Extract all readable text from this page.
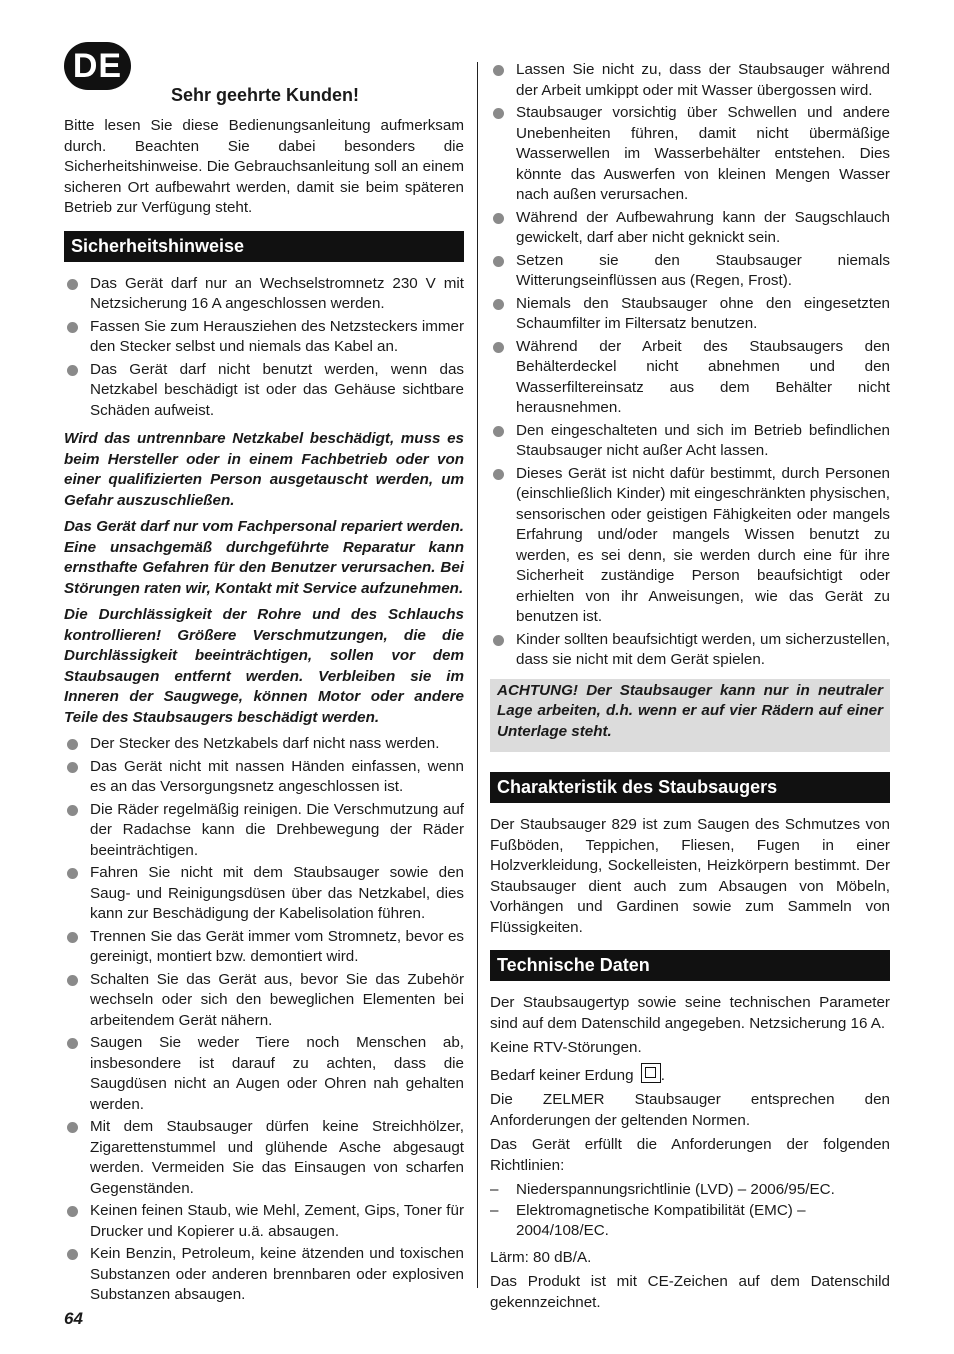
DE
Sehr geehrte Kunden!

Bitte lesen Sie diese Bedienungsanleitung aufmerksam durch. Beachten Sie dabei besonders die Sicherheitshinweise. Die Gebrauchsanleitung soll an einem sicheren Ort aufbewahrt werden, damit sie beim späteren Betrieb zur Verfügung steht.

Sicherheitshinweise
Das Gerät darf nur an Wechselstromnetz 230 V mit Netzsicherung 16 A angeschlossen werden.
Fassen Sie zum Herausziehen des Netzsteckers immer den Stecker selbst und niemals das Kabel an.
Das Gerät darf nicht benutzt werden, wenn das Netzkabel beschädigt ist oder das Gehäuse sichtbare Schäden aufweist.

Wird das untrennbare Netzkabel beschädigt, muss es beim Hersteller oder in einem Fachbetrieb oder von einer qualifizierten Person ausgetauscht werden, um Gefahr auszuschließen.

Das Gerät darf nur vom Fachpersonal repariert werden. Eine unsachgemäß durchgeführte Reparatur kann ernsthafte Gefahren für den Benutzer verursachen. Bei Störungen raten wir, Kontakt mit Service aufzunehmen.

Die Durchlässigkeit der Rohre und des Schlauchs kontrollieren! Größere Verschmutzungen, die die Durchlässigkeit beeinträchtigen, sollen vor dem Staubsaugen entfernt werden. Verbleiben sie im Inneren der Saugwege, können Motor oder andere Teile des Staubsaugers beschädigt werden.

Der Stecker des Netzkabels darf nicht nass werden.
Das Gerät nicht mit nassen Händen einfassen, wenn es an das Versorgungsnetz angeschlossen ist.
Die Räder regelmäßig reinigen. Die Verschmutzung auf der Radachse kann die Drehbewegung der Räder beeinträchtigen.
Fahren Sie nicht mit dem Staubsauger sowie den Saug- und Reinigungsdüsen über das Netzkabel, dies kann zur Beschädigung der Kabelisolation führen.
Trennen Sie das Gerät immer vom Stromnetz, bevor es gereinigt, montiert bzw. demontiert wird.
Schalten Sie das Gerät aus, bevor Sie das Zubehör wechseln oder sich den beweglichen Elementen bei arbeitendem Gerät nähern.
Saugen Sie weder Tiere noch Menschen ab, insbesondere ist darauf zu achten, dass die Saugdüsen nicht an Augen oder Ohren nah gehalten werden.
Mit dem Staubsauger dürfen keine Streichhölzer, Zigarettenstummel und glühende Asche abgesaugt werden. Vermeiden Sie das Einsaugen von scharfen Gegenständen.
Keinen feinen Staub, wie Mehl, Zement, Gips, Toner für Drucker und Kopierer u.ä. absaugen.
Kein Benzin, Petroleum, keine ätzenden und toxischen Substanzen oder anderen brennbaren oder explosiven Substanzen absaugen.
Lassen Sie nicht zu, dass der Staubsauger während der Arbeit umkippt oder mit Wasser übergossen wird.
Staubsauger vorsichtig über Schwellen und andere Unebenheiten führen, damit nicht übermäßige Wasserwellen im Wasserbehälter entstehen. Dies könnte das Auswerfen von kleinen Mengen Wasser nach außen verursachen.
Während der Aufbewahrung kann der Saugschlauch gewickelt, darf aber nicht geknickt sein.
Setzen sie den Staubsauger niemals Witterungseinflüssen aus (Regen, Frost).
Niemals den Staubsauger ohne den eingesetzten Schaumfilter im Filtersatz benutzen.
Während der Arbeit des Staubsaugers den Behälterdeckel nicht abnehmen und den Wasserfiltereinsatz aus dem Behälter nicht herausnehmen.
Den eingeschalteten und sich im Betrieb befindlichen Staubsauger nicht außer Acht lassen.
Dieses Gerät ist nicht dafür bestimmt, durch Personen (einschließlich Kinder) mit eingeschränkten physischen, sensorischen oder geistigen Fähigkeiten oder mangels Erfahrung und/oder mangels Wissen benutzt zu werden, es sei denn, sie werden durch eine für ihre Sicherheit zuständige Person beaufsichtigt oder erhielten von ihr Anweisungen, wie das Gerät zu benutzen ist.
Kinder sollten beaufsichtigt werden, um sicherzustellen, dass sie nicht mit dem Gerät spielen.
ACHTUNG! Der Staubsauger kann nur in neutraler Lage arbeiten, d.h. wenn er auf vier Rädern auf einer Unterlage steht.
Charakteristik des Staubsaugers

Der Staubsauger 829 ist zum Saugen des Schmutzes von Fußböden, Teppichen, Fliesen, Fugen in einer Holzverkleidung, Sockelleisten, Heizkörpern bestimmt. Der Staubsauger dient auch zum Absaugen von Möbeln, Vorhängen und Gardinen sowie zum Sammeln von Flüssigkeiten.

Technische Daten

Der Staubsaugertyp sowie seine technischen Parameter sind auf dem Datenschild angegeben. Netzsicherung 16 A.

Keine RTV-Störungen.

Bedarf keiner Erdung .

Die ZELMER Staubsauger entsprechen den Anforderungen der geltenden Normen.

Das Gerät erfüllt die Anforderungen der folgenden Richtlinien:

– Niederspannungsrichtlinie (LVD) – 2006/95/EC.
– Elektromagnetische Kompatibilität (EMC) – 2004/108/EC.

Lärm: 80 dB/A.

Das Produkt ist mit CE-Zeichen auf dem Datenschild gekennzeichnet.

64
